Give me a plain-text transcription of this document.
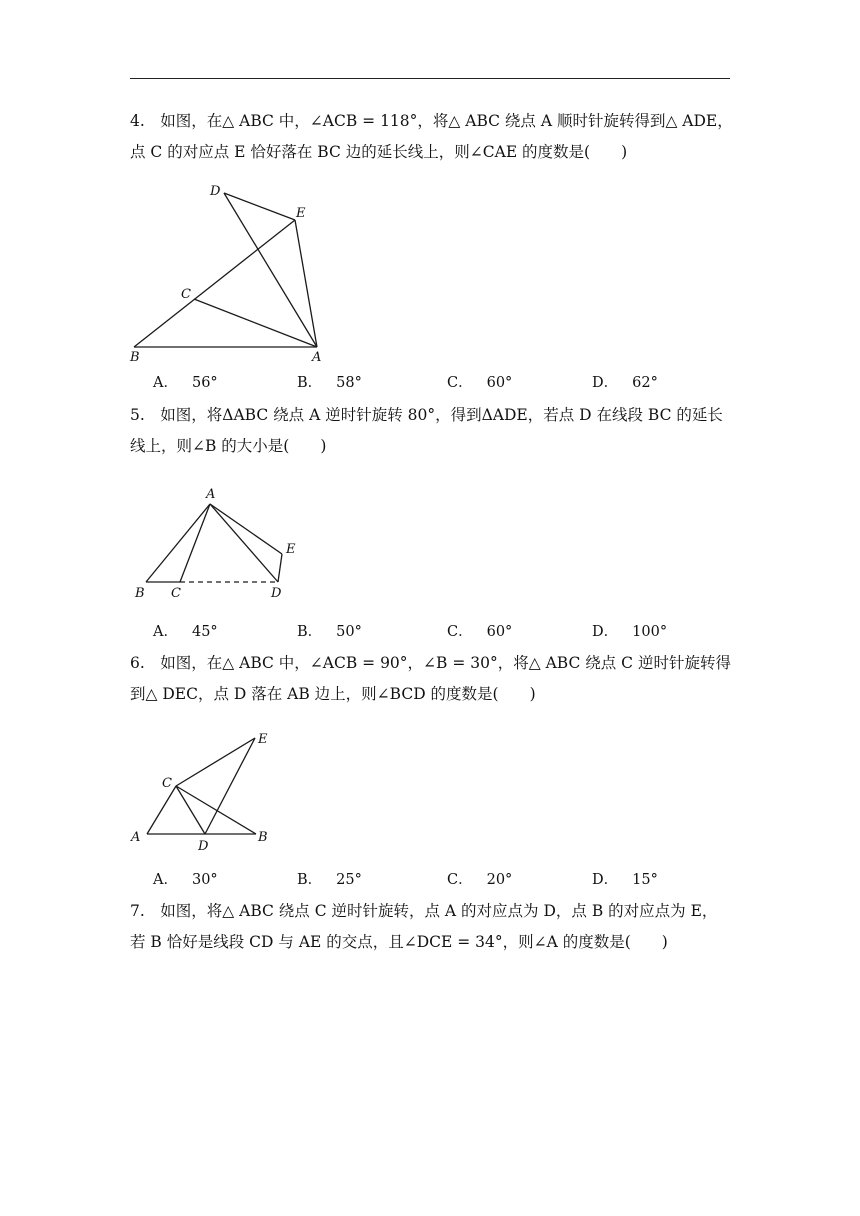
4.　如图，在△ ABC 中，∠ACB = 118°，将△ ABC 绕点 A 顺时针旋转得到△ ADE，
点 C 的对应点 E 恰好落在 BC 边的延长线上，则∠CAE 的度数是(　　)
B	A
C
D
E
A． 56°	B． 58°	C． 60°	D． 62°
5.　如图，将ΔABC 绕点 A 逆时针旋转 80°，得到ΔADE，若点 D 在线段 BC 的延长
线上，则∠B 的大小是(　　)
A
B C	D
E
A． 45°	B． 50°	C． 60°	D． 100°
6.　如图，在△ ABC 中，∠ACB = 90°，∠B = 30°，将△ ABC 绕点 C 逆时针旋转得
到△ DEC，点 D 落在 AB 边上，则∠BCD 的度数是(　　)
A	B
C
D
E
A． 30°	B． 25°	C． 20°	D． 15°
7.　如图，将△ ABC 绕点 C 逆时针旋转，点 A 的对应点为 D，点 B 的对应点为 E，
若 B 恰好是线段 CD 与 AE 的交点，且∠DCE = 34°，则∠A 的度数是(　　)
